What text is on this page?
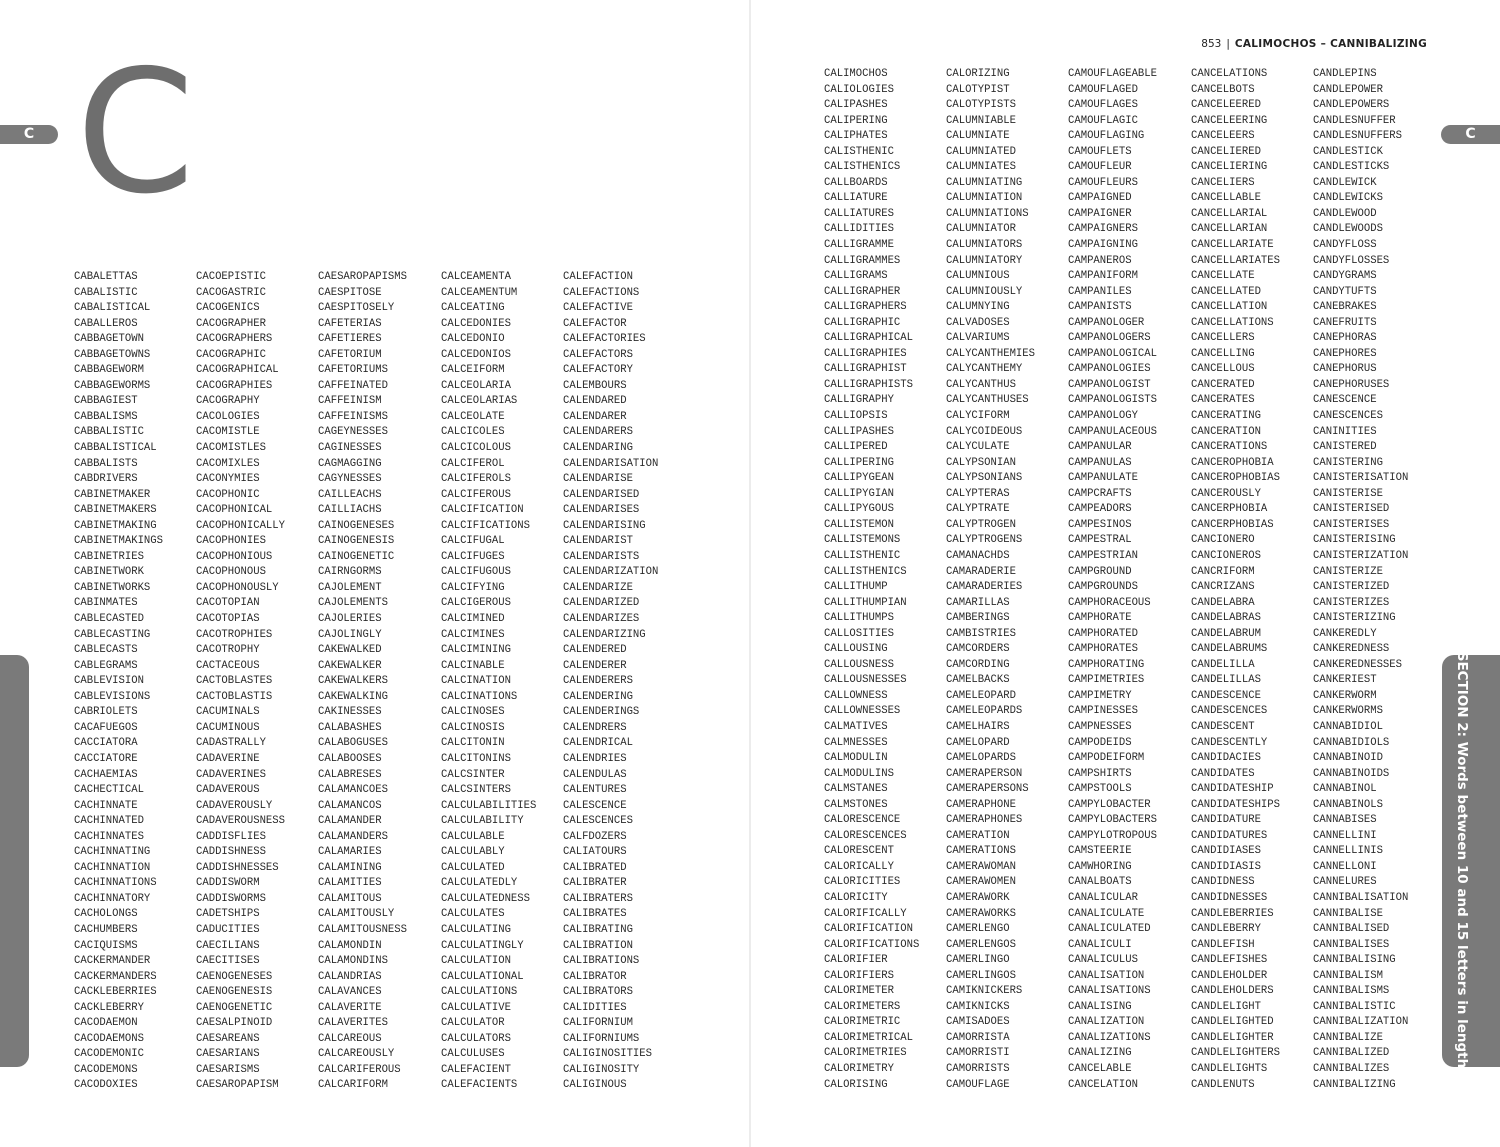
C
C
SECTION 2: Words between 10 and 15 letters in length
CABALETTAS
CABALISTIC
CABALISTICAL
CABALLEROS
CABBAGETOWN
CABBAGETOWNS
CABBAGEWORM
CABBAGEWORMS
CABBAGIEST
CABBALISMS
CABBALISTIC
CABBALISTICAL
CABBALISTS
CABDRIVERS
CABINETMAKER
CABINETMAKERS
CABINETMAKING
CABINETMAKINGS
CABINETRIES
CABINETWORK
CABINETWORKS
CABINMATES
CABLECASTED
CABLECASTING
CABLECASTS
CABLEGRAMS
CABLEVISION
CABLEVISIONS
CABRIOLETS
CACAFUEGOS
CACCIATORA
CACCIATORE
CACHAEMIAS
CACHECTICAL
CACHINNATE
CACHINNATED
CACHINNATES
CACHINNATING
CACHINNATION
CACHINNATIONS
CACHINNATORY
CACHOLONGS
CACHUMBERS
CACIQUISMS
CACKERMANDER
CACKERMANDERS
CACKLEBERRIES
CACKLEBERRY
CACODAEMON
CACODAEMONS
CACODEMONIC
CACODEMONS
CACODOXIES
CACOEPISTIC
CACOGASTRIC
CACOGENICS
CACOGRAPHER
CACOGRAPHERS
CACOGRAPHIC
CACOGRAPHICAL
CACOGRAPHIES
CACOGRAPHY
CACOLOGIES
CACOMISTLE
CACOMISTLES
CACOMIXLES
CACONYMIES
CACOPHONIC
CACOPHONICAL
CACOPHONICALLY
CACOPHONIES
CACOPHONIOUS
CACOPHONOUS
CACOPHONOUSLY
CACOTOPIAN
CACOTOPIAS
CACOTROPHIES
CACOTROPHY
CACTACEOUS
CACTOBLASTES
CACTOBLASTIS
CACUMINALS
CACUMINOUS
CADASTRALLY
CADAVERINE
CADAVERINES
CADAVEROUS
CADAVEROUSLY
CADAVEROUSNESS
CADDISFLIES
CADDISHNESS
CADDISHNESSES
CADDISWORM
CADDISWORMS
CADETSHIPS
CADUCITIES
CAECILIANS
CAECITISES
CAENOGENESES
CAENOGENESIS
CAENOGENETIC
CAESALPINOID
CAESAREANS
CAESARIANS
CAESARISMS
CAESAROPAPISM
CAESAROPAPISMS
CAESPITOSE
CAESPITOSELY
CAFETERIAS
CAFETIERES
CAFETORIUM
CAFETORIUMS
CAFFEINATED
CAFFEINISM
CAFFEINISMS
CAGEYNESSES
CAGINESSES
CAGMAGGING
CAGYNESSES
CAILLEACHS
CAILLIACHS
CAINOGENESES
CAINOGENESIS
CAINOGENETIC
CAIRNGORMS
CAJOLEMENT
CAJOLEMENTS
CAJOLERIES
CAJOLINGLY
CAKEWALKED
CAKEWALKER
CAKEWALKERS
CAKEWALKING
CAKINESSES
CALABASHES
CALABOGUSES
CALABOOSES
CALABRESES
CALAMANCOES
CALAMANCOS
CALAMANDER
CALAMANDERS
CALAMARIES
CALAMINING
CALAMITIES
CALAMITOUS
CALAMITOUSLY
CALAMITOUSNESS
CALAMONDIN
CALAMONDINS
CALANDRIAS
CALAVANCES
CALAVERITE
CALAVERITES
CALCAREOUS
CALCAREOUSLY
CALCARIFEROUS
CALCARIFORM
CALCEAMENTA
CALCEAMENTUM
CALCEATING
CALCEDONIES
CALCEDONIO
CALCEDONIOS
CALCEIFORM
CALCEOLARIA
CALCEOLARIAS
CALCEOLATE
CALCICOLES
CALCICOLOUS
CALCIFEROL
CALCIFEROLS
CALCIFEROUS
CALCIFICATION
CALCIFICATIONS
CALCIFUGAL
CALCIFUGES
CALCIFUGOUS
CALCIFYING
CALCIGEROUS
CALCIMINED
CALCIMINES
CALCIMINING
CALCINABLE
CALCINATION
CALCINATIONS
CALCINOSES
CALCINOSIS
CALCITONIN
CALCITONINS
CALCSINTER
CALCSINTERS
CALCULABILITIES
CALCULABILITY
CALCULABLE
CALCULABLY
CALCULATED
CALCULATEDLY
CALCULATEDNESS
CALCULATES
CALCULATING
CALCULATINGLY
CALCULATION
CALCULATIONAL
CALCULATIONS
CALCULATIVE
CALCULATOR
CALCULATORS
CALCULUSES
CALEFACIENT
CALEFACIENTS
CALEFACTION
CALEFACTIONS
CALEFACTIVE
CALEFACTOR
CALEFACTORIES
CALEFACTORS
CALEFACTORY
CALEMBOURS
CALENDARED
CALENDARER
CALENDARERS
CALENDARING
CALENDARISATION
CALENDARISE
CALENDARISED
CALENDARISES
CALENDARISING
CALENDARIST
CALENDARISTS
CALENDARIZATION
CALENDARIZE
CALENDARIZED
CALENDARIZES
CALENDARIZING
CALENDERED
CALENDERER
CALENDERERS
CALENDERING
CALENDERINGS
CALENDRERS
CALENDRICAL
CALENDRIES
CALENDULAS
CALENTURES
CALESCENCE
CALESCENCES
CALFDOZERS
CALIATOURS
CALIBRATED
CALIBRATER
CALIBRATERS
CALIBRATES
CALIBRATING
CALIBRATION
CALIBRATIONS
CALIBRATOR
CALIBRATORS
CALIDITIES
CALIFORNIUM
CALIFORNIUMS
CALIGINOSITIES
CALIGINOSITY
CALIGINOUS
853 | CALIMOCHOS – CANNIBALIZING
C
SECTION 2: Words between 10 and 15 letters in length
CALIMOCHOS
CALIOLOGIES
CALIPASHES
CALIPERING
CALIPHATES
CALISTHENIC
CALISTHENICS
CALLBOARDS
CALLIATURE
CALLIATURES
CALLIDITIES
CALLIGRAMME
CALLIGRAMMES
CALLIGRAMS
CALLIGRAPHER
CALLIGRAPHERS
CALLIGRAPHIC
CALLIGRAPHICAL
CALLIGRAPHIES
CALLIGRAPHIST
CALLIGRAPHISTS
CALLIGRAPHY
CALLIOPSIS
CALLIPASHES
CALLIPERED
CALLIPERING
CALLIPYGEAN
CALLIPYGIAN
CALLIPYGOUS
CALLISTEMON
CALLISTEMONS
CALLISTHENIC
CALLISTHENICS
CALLITHUMP
CALLITHUMPIAN
CALLITHUMPS
CALLOSITIES
CALLOUSING
CALLOUSNESS
CALLOUSNESSES
CALLOWNESS
CALLOWNESSES
CALMATIVES
CALMNESSES
CALMODULIN
CALMODULINS
CALMSTANES
CALMSTONES
CALORESCENCE
CALORESCENCES
CALORESCENT
CALORICALLY
CALORICITIES
CALORICITY
CALORIFICALLY
CALORIFICATION
CALORIFICATIONS
CALORIFIER
CALORIFIERS
CALORIMETER
CALORIMETERS
CALORIMETRIC
CALORIMETRICAL
CALORIMETRIES
CALORIMETRY
CALORISING
CALORIZING
CALOTYPIST
CALOTYPISTS
CALUMNIABLE
CALUMNIATE
CALUMNIATED
CALUMNIATES
CALUMNIATING
CALUMNIATION
CALUMNIATIONS
CALUMNIATOR
CALUMNIATORS
CALUMNIATORY
CALUMNIOUS
CALUMNIOUSLY
CALUMNYING
CALVADOSES
CALVARIUMS
CALYCANTHEMIES
CALYCANTHEMY
CALYCANTHUS
CALYCANTHUSES
CALYCIFORM
CALYCOIDEOUS
CALYCULATE
CALYPSONIAN
CALYPSONIANS
CALYPTERAS
CALYPTRATE
CALYPTROGEN
CALYPTROGENS
CAMANACHDS
CAMARADERIE
CAMARADERIES
CAMARILLAS
CAMBERINGS
CAMBISTRIES
CAMCORDERS
CAMCORDING
CAMELBACKS
CAMELEOPARD
CAMELEOPARDS
CAMELHAIRS
CAMELOPARD
CAMELOPARDS
CAMERAPERSON
CAMERAPERSONS
CAMERAPHONE
CAMERAPHONES
CAMERATION
CAMERATIONS
CAMERAWOMAN
CAMERAWOMEN
CAMERAWORK
CAMERAWORKS
CAMERLENGO
CAMERLENGOS
CAMERLINGO
CAMERLINGOS
CAMIKNICKERS
CAMIKNICKS
CAMISADOES
CAMORRISTA
CAMORRISTI
CAMORRISTS
CAMOUFLAGE
CAMOUFLAGEABLE
CAMOUFLAGED
CAMOUFLAGES
CAMOUFLAGIC
CAMOUFLAGING
CAMOUFLETS
CAMOUFLEUR
CAMOUFLEURS
CAMPAIGNED
CAMPAIGNER
CAMPAIGNERS
CAMPAIGNING
CAMPANEROS
CAMPANIFORM
CAMPANILES
CAMPANISTS
CAMPANOLOGER
CAMPANOLOGERS
CAMPANOLOGICAL
CAMPANOLOGIES
CAMPANOLOGIST
CAMPANOLOGISTS
CAMPANOLOGY
CAMPANULACEOUS
CAMPANULAR
CAMPANULAS
CAMPANULATE
CAMPCRAFTS
CAMPEADORS
CAMPESINOS
CAMPESTRAL
CAMPESTRIAN
CAMPGROUND
CAMPGROUNDS
CAMPHORACEOUS
CAMPHORATE
CAMPHORATED
CAMPHORATES
CAMPHORATING
CAMPIMETRIES
CAMPIMETRY
CAMPINESSES
CAMPNESSES
CAMPODEIDS
CAMPODEIFORM
CAMPSHIRTS
CAMPSTOOLS
CAMPYLOBACTER
CAMPYLOBACTERS
CAMPYLOTROPOUS
CAMSTEERIE
CAMWHORING
CANALBOATS
CANALICULAR
CANALICULATE
CANALICULATED
CANALICULI
CANALICULUS
CANALISATION
CANALISATIONS
CANALISING
CANALIZATION
CANALIZATIONS
CANALIZING
CANCELABLE
CANCELATION
CANCELATIONS
CANCELBOTS
CANCELEERED
CANCELEERING
CANCELEERS
CANCELIERED
CANCELIERING
CANCELIERS
CANCELLABLE
CANCELLARIAL
CANCELLARIAN
CANCELLARIATE
CANCELLARIATES
CANCELLATE
CANCELLATED
CANCELLATION
CANCELLATIONS
CANCELLERS
CANCELLING
CANCELLOUS
CANCERATED
CANCERATES
CANCERATING
CANCERATION
CANCERATIONS
CANCEROPHOBIA
CANCEROPHOBIAS
CANCEROUSLY
CANCERPHOBIA
CANCERPHOBIAS
CANCIONERO
CANCIONEROS
CANCRIFORM
CANCRIZANS
CANDELABRA
CANDELABRAS
CANDELABRUM
CANDELABRUMS
CANDELILLA
CANDELILLAS
CANDESCENCE
CANDESCENCES
CANDESCENT
CANDESCENTLY
CANDIDACIES
CANDIDATES
CANDIDATESHIP
CANDIDATESHIPS
CANDIDATURE
CANDIDATURES
CANDIDIASES
CANDIDIASIS
CANDIDNESS
CANDIDNESSES
CANDLEBERRIES
CANDLEBERRY
CANDLEFISH
CANDLEFISHES
CANDLEHOLDER
CANDLEHOLDERS
CANDLELIGHT
CANDLELIGHTED
CANDLELIGHTER
CANDLELIGHTERS
CANDLELIGHTS
CANDLENUTS
CANDLEPINS
CANDLEPOWER
CANDLEPOWERS
CANDLESNUFFER
CANDLESNUFFERS
CANDLESTICK
CANDLESTICKS
CANDLEWICK
CANDLEWICKS
CANDLEWOOD
CANDLEWOODS
CANDYFLOSS
CANDYFLOSSES
CANDYGRAMS
CANDYTUFTS
CANEBRAKES
CANEFRUITS
CANEPHORAS
CANEPHORES
CANEPHORUS
CANEPHORUSES
CANESCENCE
CANESCENCES
CANINITIES
CANISTERED
CANISTERING
CANISTERISATION
CANISTERISE
CANISTERISED
CANISTERISES
CANISTERISING
CANISTERIZATION
CANISTERIZE
CANISTERIZED
CANISTERIZES
CANISTERIZING
CANKEREDLY
CANKEREDNESS
CANKEREDNESSES
CANKERIEST
CANKERWORM
CANKERWORMS
CANNABIDIOL
CANNABIDIOLS
CANNABINOID
CANNABINOIDS
CANNABINOL
CANNABINOLS
CANNABISES
CANNELLINI
CANNELLINIS
CANNELLONI
CANNELURES
CANNIBALISATION
CANNIBALISE
CANNIBALISED
CANNIBALISES
CANNIBALISING
CANNIBALISM
CANNIBALISMS
CANNIBALISTIC
CANNIBALIZATION
CANNIBALIZE
CANNIBALIZED
CANNIBALIZES
CANNIBALIZING
